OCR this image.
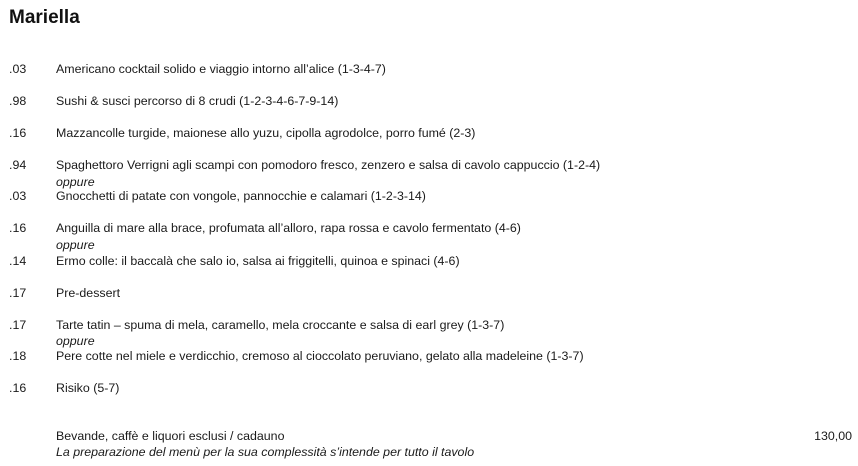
Mariella
.03 Americano cocktail solido e viaggio intorno all’alice (1-3-4-7)
.98 Sushi & susci percorso di 8 crudi (1-2-3-4-6-7-9-14)
.16 Mazzancolle turgide, maionese allo yuzu, cipolla agrodolce, porro fumé (2-3)
.94 Spaghettoro Verrigni agli scampi con pomodoro fresco, zenzero e salsa di cavolo cappuccio (1-2-4)
oppure
.03 Gnocchetti di patate con vongole, pannocchie e calamari (1-2-3-14)
.16 Anguilla di mare alla brace, profumata all’alloro, rapa rossa e cavolo fermentato (4-6)
oppure
.14 Ermo colle: il baccalà che salo io, salsa ai friggitelli, quinoa e spinaci (4-6)
.17 Pre-dessert
.17 Tarte tatin – spuma di mela, caramello, mela croccante e salsa di earl grey (1-3-7)
oppure
.18 Pere cotte nel miele e verdicchio, cremoso al cioccolato peruviano, gelato alla madeleine (1-3-7)
.16 Risiko (5-7)
Bevande, caffè e liquori esclusi / cadauno	130,00
La preparazione del menù per la sua complessità s’intende per tutto il tavolo
